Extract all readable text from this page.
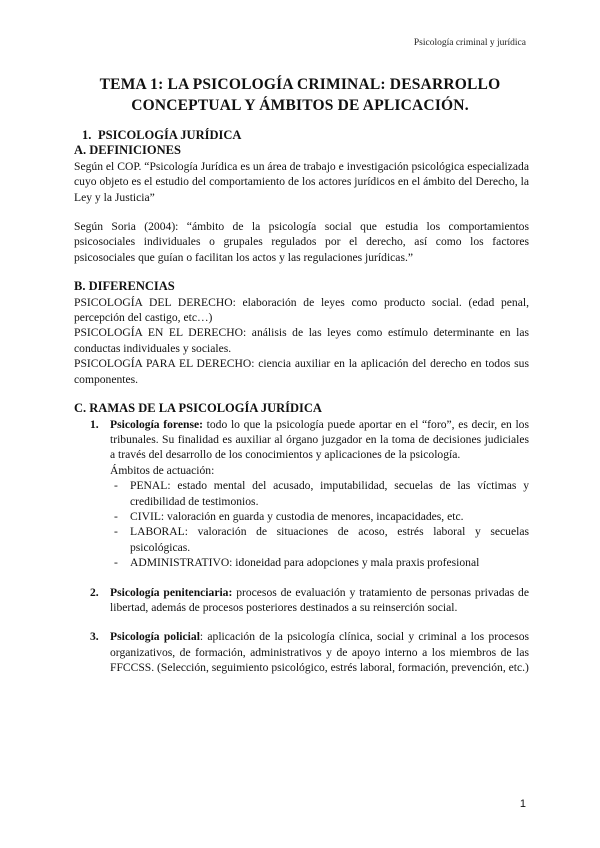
Psicología criminal y jurídica
TEMA 1: LA PSICOLOGÍA CRIMINAL: DESARROLLO
CONCEPTUAL Y ÁMBITOS DE APLICACIÓN.
1. PSICOLOGÍA JURÍDICA
A. DEFINICIONES

Según el COP. “Psicología Jurídica es un área de trabajo e investigación psicológica especializada cuyo objeto es el estudio del comportamiento de los actores jurídicos en el ámbito del Derecho, la Ley y la Justicia”

Según Soria (2004): “ámbito de la psicología social que estudia los comportamientos psicosociales individuales o grupales regulados por el derecho, así como los factores psicosociales que guían o facilitan los actos y las regulaciones jurídicas.”

B. DIFERENCIAS

PSICOLOGÍA DEL DERECHO: elaboración de leyes como producto social. (edad penal, percepción del castigo, etc…)

PSICOLOGÍA EN EL DERECHO: análisis de las leyes como estímulo determinante en las conductas individuales y sociales.

PSICOLOGÍA PARA EL DERECHO: ciencia auxiliar en la aplicación del derecho en todos sus componentes.

C. RAMAS DE LA PSICOLOGÍA JURÍDICA
1. Psicología forense: todo lo que la psicología puede aportar en el “foro”, es decir, en los tribunales. Su finalidad es auxiliar al órgano juzgador en la toma de decisiones judiciales a través del desarrollo de los conocimientos y aplicaciones de la psicología.

Ámbitos de actuación:

- PENAL: estado mental del acusado, imputabilidad, secuelas de las víctimas y credibilidad de testimonios.
- CIVIL: valoración en guarda y custodia de menores, incapacidades, etc.
- LABORAL: valoración de situaciones de acoso, estrés laboral y secuelas psicológicas.
- ADMINISTRATIVO: idoneidad para adopciones y mala praxis profesional
2. Psicología penitenciaria: procesos de evaluación y tratamiento de personas privadas de libertad, además de procesos posteriores destinados a su reinserción social.

3. Psicología policial: aplicación de la psicología clínica, social y criminal a los procesos organizativos, de formación, administrativos y de apoyo interno a los miembros de las FFCCSS. (Selección, seguimiento psicológico, estrés laboral, formación, prevención, etc.)

1
